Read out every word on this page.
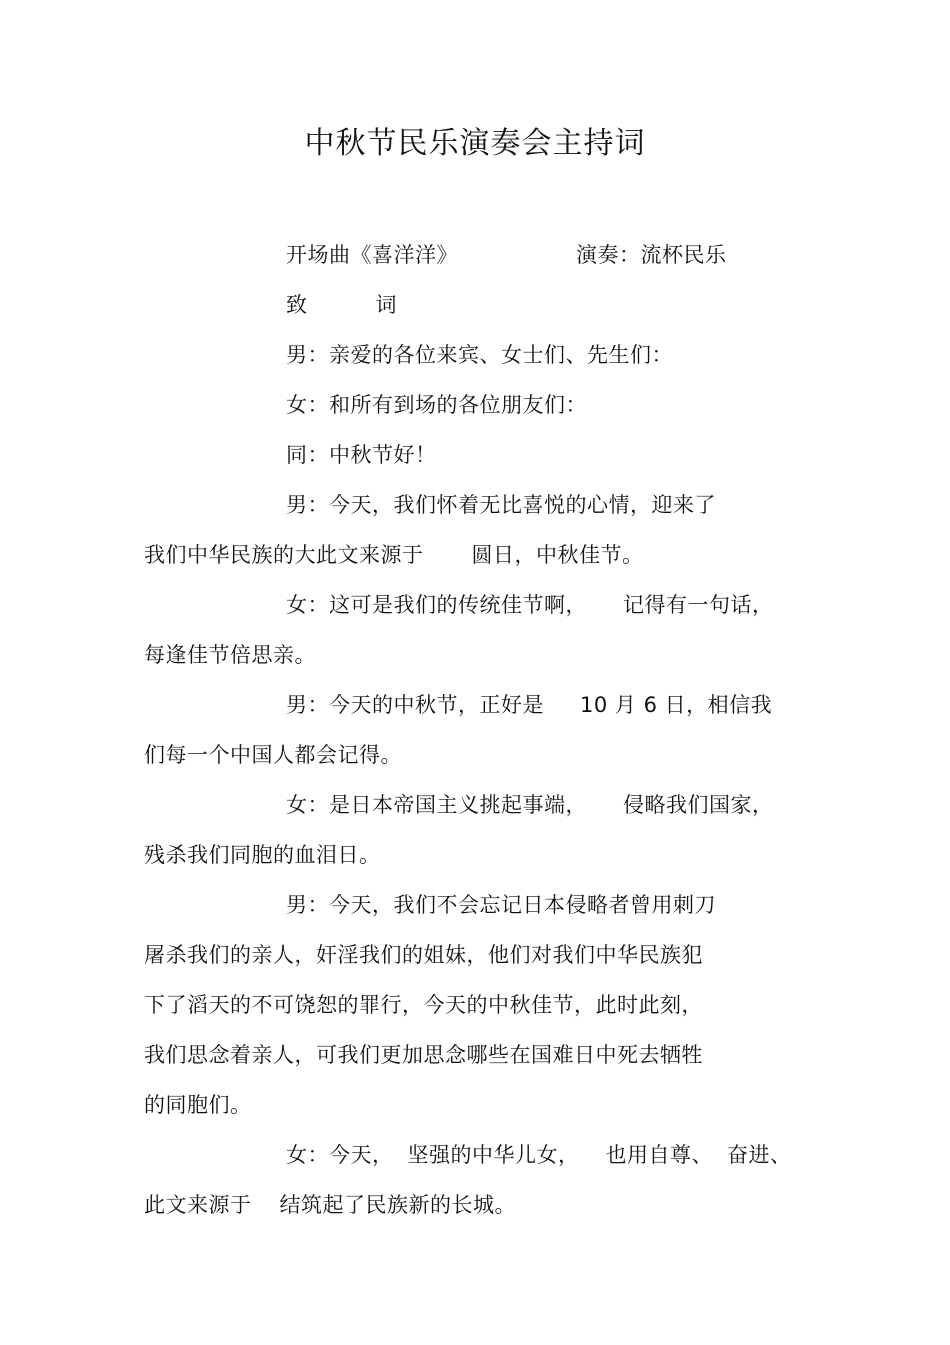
中秋节民乐演奏会主持词
开场曲《喜洋洋》	演奏：流杯民乐
致	词
男：亲爱的各位来宾、女士们、先生们：
女：和所有到场的各位朋友们：
同：中秋节好！
男：今天，我们怀着无比喜悦的心情，迎来了
我们中华民族的大此文来源于 圆日，中秋佳节。
女：这可是我们的传统佳节啊， 记得有一句话，
每逢佳节倍思亲。
男：今天的中秋节，正好是 10 月 6 日，相信我
们每一个中国人都会记得。
女：是日本帝国主义挑起事端， 侵略我们国家，
残杀我们同胞的血泪日。
男：今天，我们不会忘记日本侵略者曾用刺刀
屠杀我们的亲人，奸淫我们的姐妹，他们对我们中华民族犯
下了滔天的不可饶恕的罪行，今天的中秋佳节，此时此刻，
我们思念着亲人，可我们更加思念哪些在国难日中死去牺牲
的同胞们。
女：今天， 坚强的中华儿女， 也用自尊、 奋进、
此文来源于 结筑起了民族新的长城。
